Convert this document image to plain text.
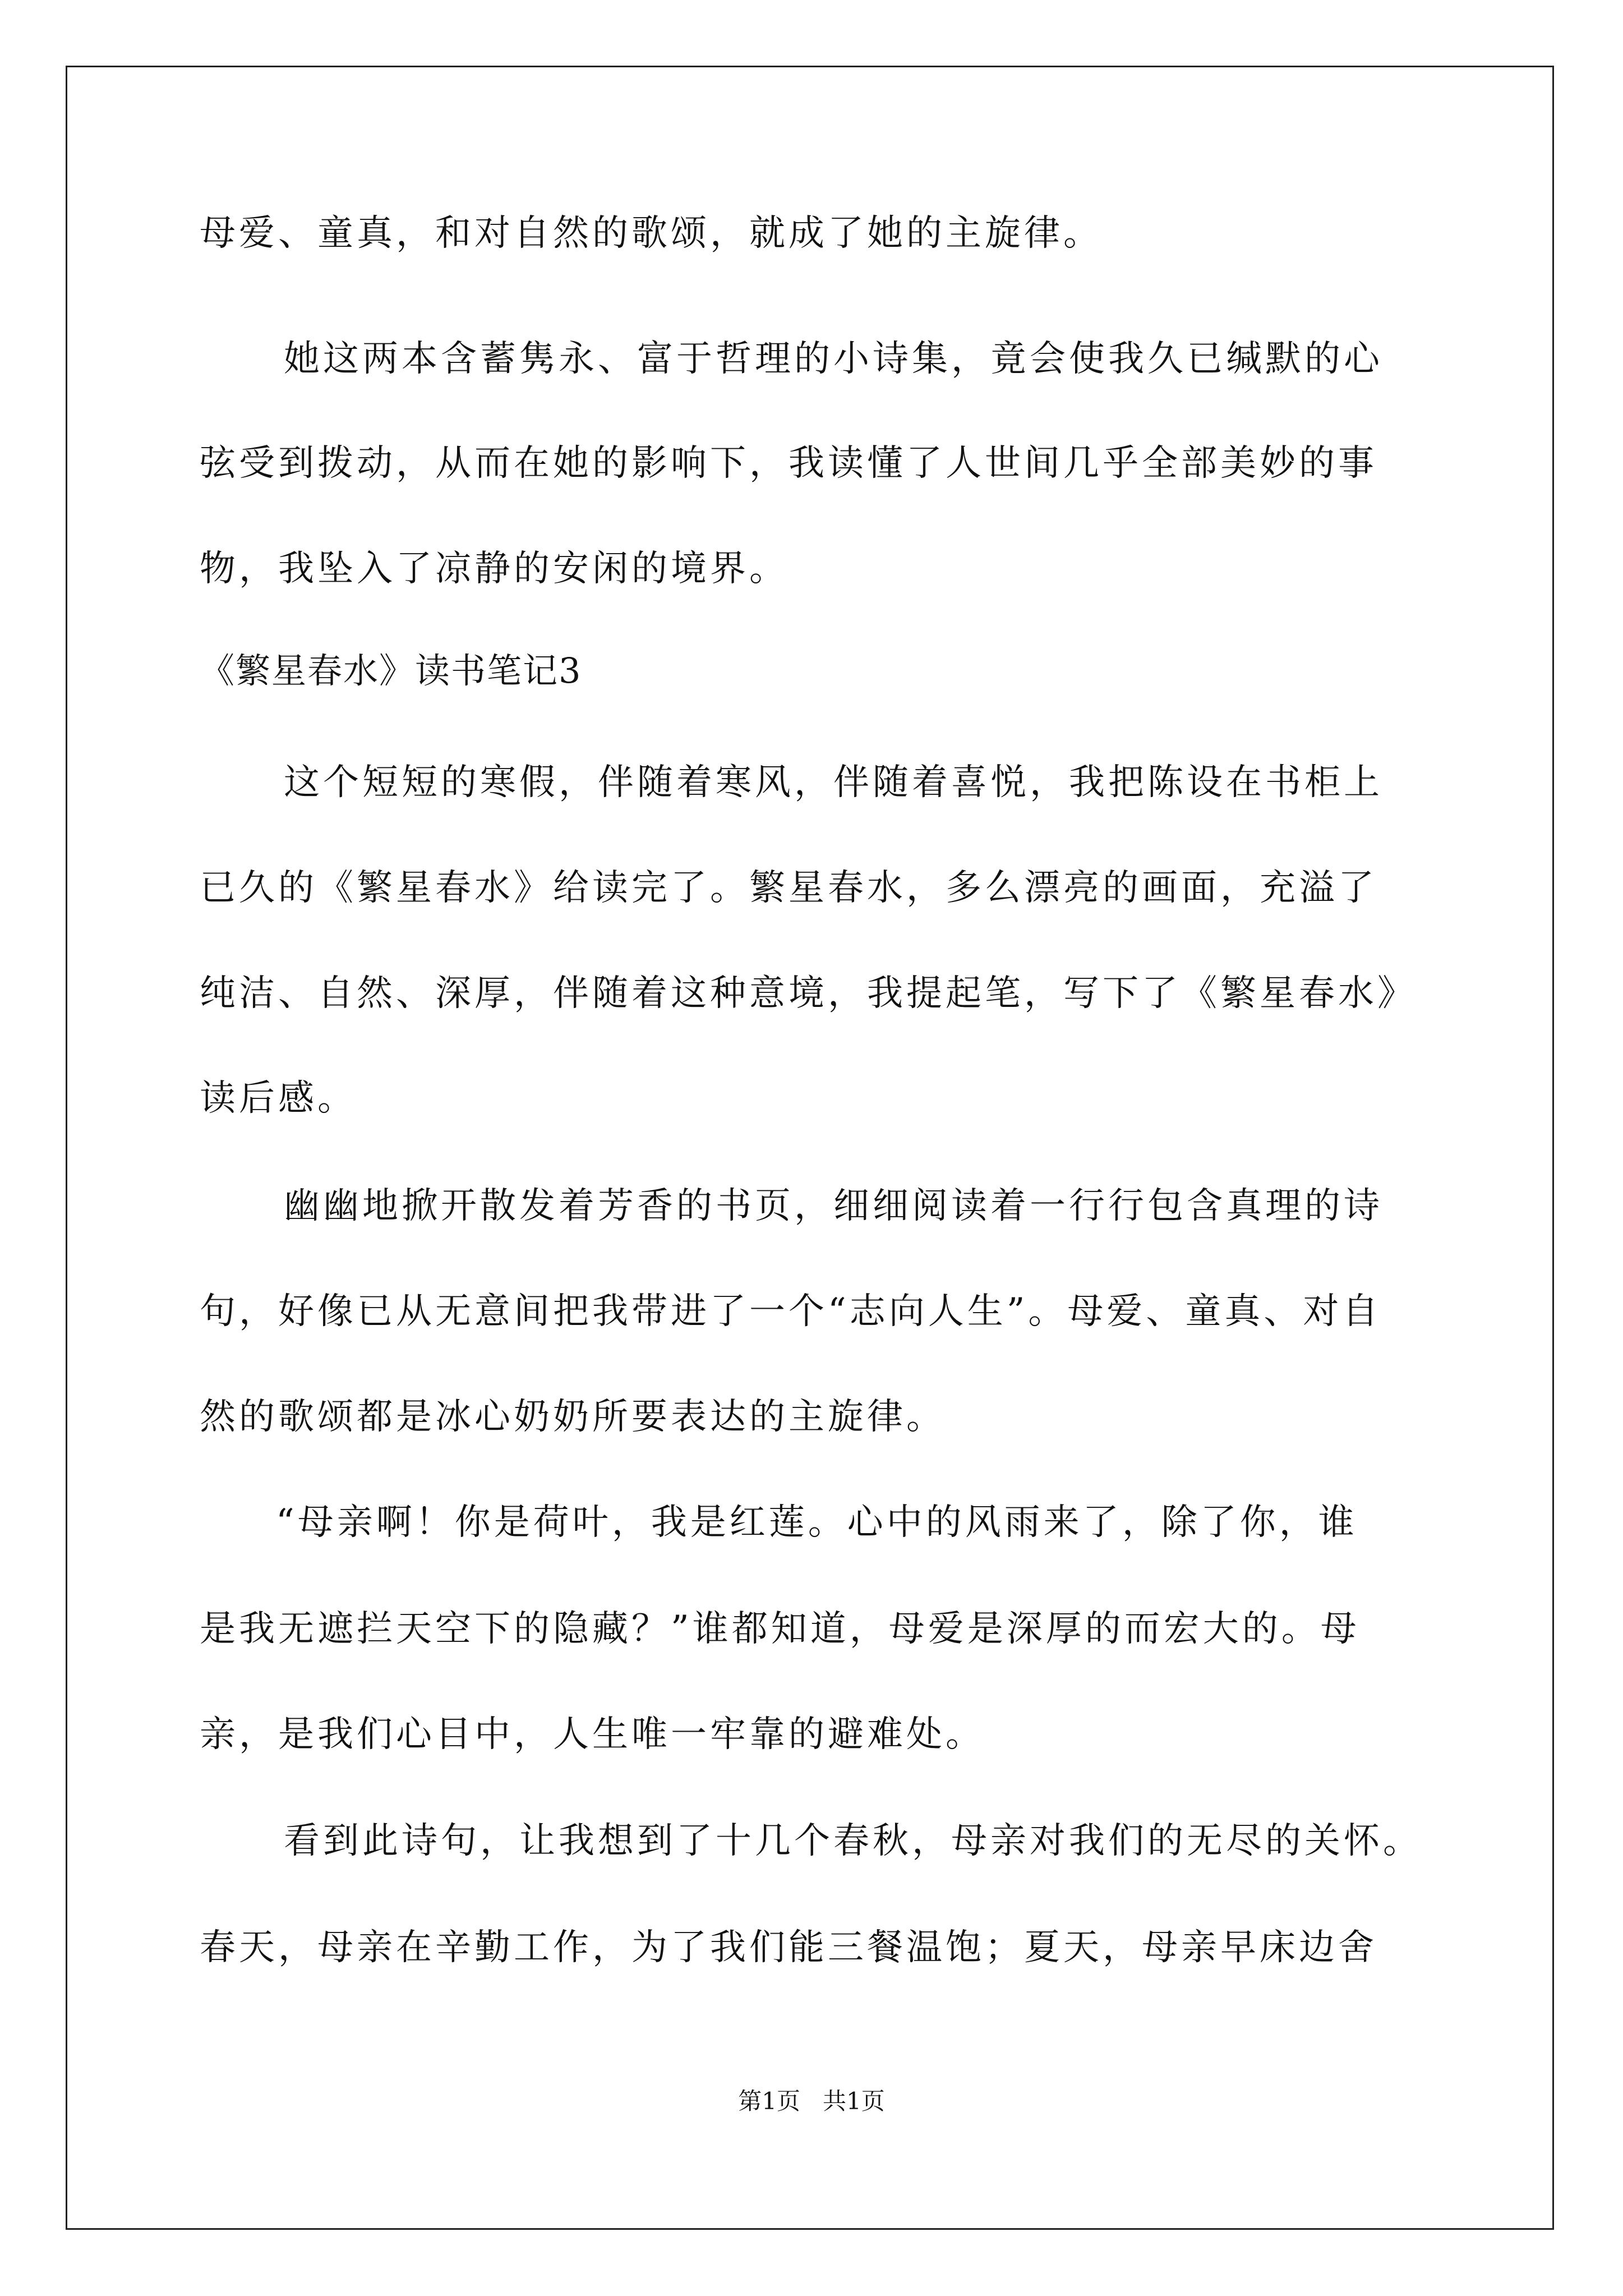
母爱、童真，和对自然的歌颂，就成了她的主旋律。
她这两本含蓄隽永、富于哲理的小诗集，竟会使我久已缄默的心
弦受到拨动，从而在她的影响下，我读懂了人世间几乎全部美妙的事
物，我坠入了凉静的安闲的境界。
《繁星春水》读书笔记3
这个短短的寒假，伴随着寒风，伴随着喜悦，我把陈设在书柜上
已久的《繁星春水》给读完了。繁星春水，多么漂亮的画面，充溢了
纯洁、自然、深厚，伴随着这种意境，我提起笔，写下了《繁星春水》
读后感。
幽幽地掀开散发着芳香的书页，细细阅读着一行行包含真理的诗
句，好像已从无意间把我带进了一个“志向人生”。母爱、童真、对自
然的歌颂都是冰心奶奶所要表达的主旋律。
“母亲啊！你是荷叶，我是红莲。心中的风雨来了，除了你，谁
是我无遮拦天空下的隐藏？”谁都知道，母爱是深厚的而宏大的。母
亲，是我们心目中，人生唯一牢靠的避难处。
看到此诗句，让我想到了十几个春秋，母亲对我们的无尽的关怀。
春天，母亲在辛勤工作，为了我们能三餐温饱；夏天，母亲早床边舍
第1页 共1页
